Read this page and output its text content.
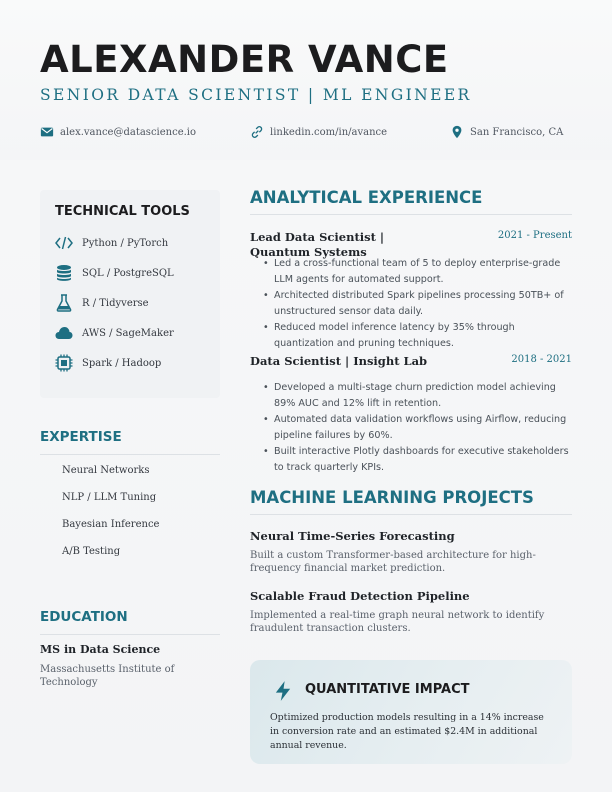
ALEXANDER VANCE
SENIOR DATA SCIENTIST | ML ENGINEER
alex.vance@datascience.io	linkedin.com/in/avance	San Francisco, CA
TECHNICAL TOOLS
Python / PyTorch
SQL / PostgreSQL
R / Tidyverse
AWS / SageMaker
Spark / Hadoop
EXPERTISE
Neural Networks
NLP / LLM Tuning
Bayesian Inference
A/B Testing
EDUCATION
MS in Data Science
Massachusetts Institute of Technology
ANALYTICAL EXPERIENCE
Lead Data Scientist | Quantum Systems
2021 - Present
• Led a cross-functional team of 5 to deploy enterprise-grade LLM agents for automated support.
• Architected distributed Spark pipelines processing 50TB+ of unstructured sensor data daily.
• Reduced model inference latency by 35% through quantization and pruning techniques.
Data Scientist | Insight Lab	2018 - 2021
• Developed a multi-stage churn prediction model achieving 89% AUC and 12% lift in retention.
• Automated data validation workflows using Airflow, reducing pipeline failures by 60%.
• Built interactive Plotly dashboards for executive stakeholders to track quarterly KPIs.
MACHINE LEARNING PROJECTS
Neural Time-Series Forecasting
Built a custom Transformer-based architecture for high-frequency financial market prediction.
Scalable Fraud Detection Pipeline
Implemented a real-time graph neural network to identify fraudulent transaction clusters.
QUANTITATIVE IMPACT
Optimized production models resulting in a 14% increase in conversion rate and an estimated $2.4M in additional annual revenue.
